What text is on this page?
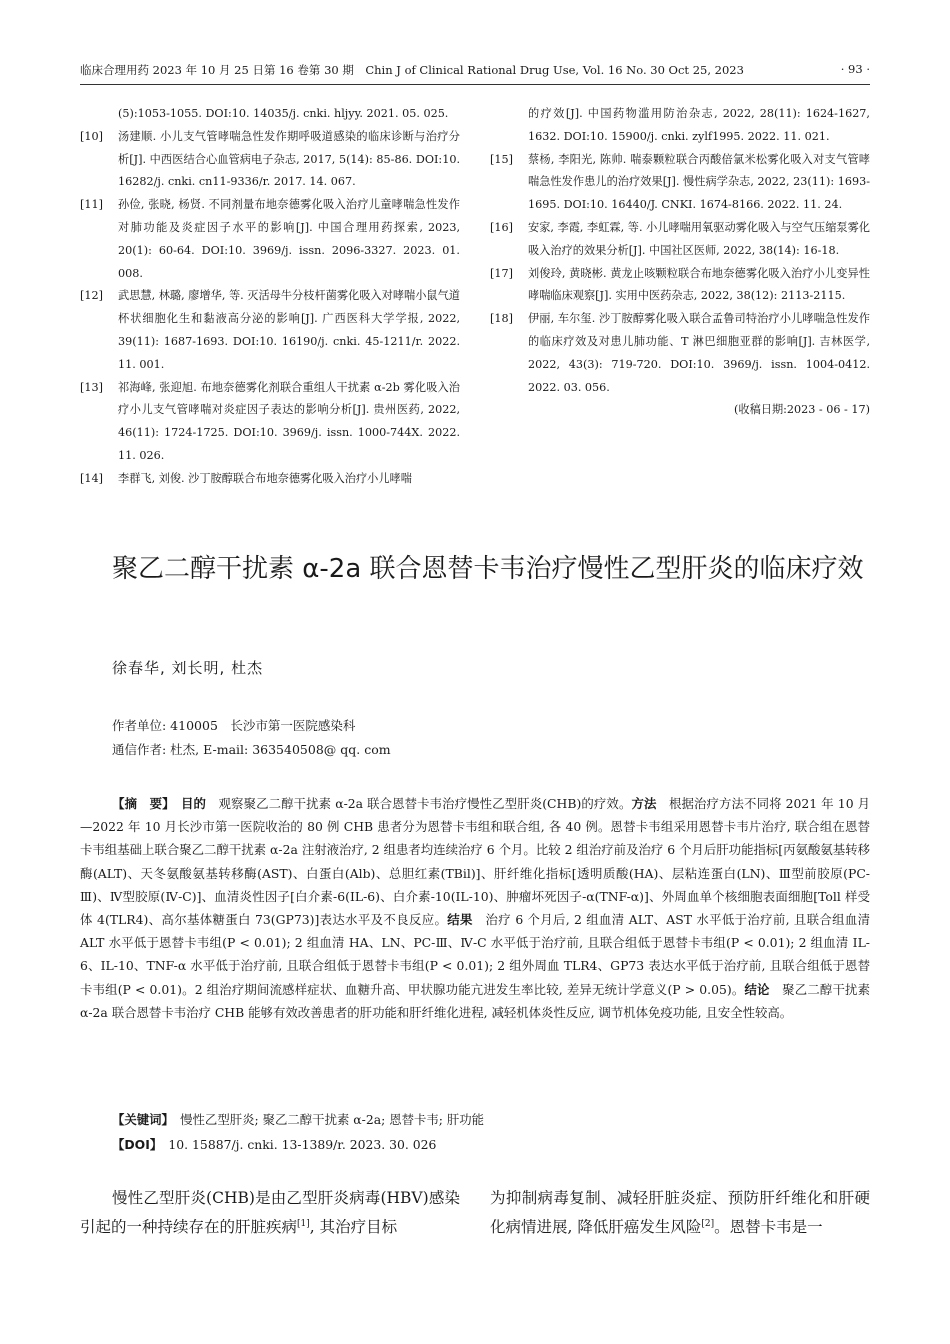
临床合理用药 2023 年 10 月 25 日第 16 卷第 30 期　Chin J of Clinical Rational Drug Use, Vol. 16 No. 30 Oct 25, 2023	· 93 ·
(5):1053-1055. DOI:10. 14035/j. cnki. hljyy. 2021. 05. 025.
[10] 汤建顺. 小儿支气管哮喘急性发作期呼吸道感染的临床诊断与治疗分析[J]. 中西医结合心血管病电子杂志, 2017, 5(14): 85-86. DOI:10. 16282/j. cnki. cn11-9336/r. 2017. 14. 067.
[11] 孙俭, 张晓, 杨贤. 不同剂量布地奈德雾化吸入治疗儿童哮喘急性发作对肺功能及炎症因子水平的影响[J]. 中国合理用药探索, 2023, 20(1): 60-64. DOI:10. 3969/j. issn. 2096-3327. 2023. 01. 008.
[12] 武思慧, 林璐, 廖增华, 等. 灭活母牛分枝杆菌雾化吸入对哮喘小鼠气道杯状细胞化生和黏液高分泌的影响[J]. 广西医科大学学报, 2022, 39(11): 1687-1693. DOI:10. 16190/j. cnki. 45-1211/r. 2022. 11. 001.
[13] 祁海峰, 张迎旭. 布地奈德雾化剂联合重组人干扰素 α-2b 雾化吸入治疗小儿支气管哮喘对炎症因子表达的影响分析[J]. 贵州医药, 2022, 46(11): 1724-1725. DOI:10. 3969/j. issn. 1000-744X. 2022. 11. 026.
[14] 李群飞, 刘俊. 沙丁胺醇联合布地奈德雾化吸入治疗小儿哮喘
的疗效[J]. 中国药物滥用防治杂志, 2022, 28(11): 1624-1627, 1632. DOI:10. 15900/j. cnki. zylf1995. 2022. 11. 021.
[15] 蔡杨, 李阳光, 陈帅. 喘泰颗粒联合丙酸倍氯米松雾化吸入对支气管哮喘急性发作患儿的治疗效果[J]. 慢性病学杂志, 2022, 23(11): 1693-1695. DOI:10. 16440/J. CNKI. 1674-8166. 2022. 11. 24.
[16] 安家, 李霞, 李虹霖, 等. 小儿哮喘用氧驱动雾化吸入与空气压缩泵雾化吸入治疗的效果分析[J]. 中国社区医师, 2022, 38(14): 16-18.
[17] 刘俊玲, 黄晓彬. 黄龙止咳颗粒联合布地奈德雾化吸入治疗小儿变异性哮喘临床观察[J]. 实用中医药杂志, 2022, 38(12): 2113-2115.
[18] 伊丽, 车尔玺. 沙丁胺醇雾化吸入联合孟鲁司特治疗小儿哮喘急性发作的临床疗效及对患儿肺功能、T 淋巴细胞亚群的影响[J]. 吉林医学, 2022, 43(3): 719-720. DOI:10. 3969/j. issn. 1004-0412. 2022. 03. 056.
(收稿日期:2023 - 06 - 17)
聚乙二醇干扰素 α-2a 联合恩替卡韦治疗慢性乙型肝炎的临床疗效
徐春华, 刘长明, 杜杰
作者单位: 410005　长沙市第一医院感染科
通信作者: 杜杰, E-mail: 363540508@ qq. com
【摘　要】　 目的　 观察聚乙二醇干扰素 α-2a 联合恩替卡韦治疗慢性乙型肝炎(CHB)的疗效。方法　 根据治疗方法不同将 2021 年 10 月—2022 年 10 月长沙市第一医院收治的 80 例 CHB 患者分为恩替卡韦组和联合组, 各 40 例。恩替卡韦组采用恩替卡韦片治疗, 联合组在恩替卡韦组基础上联合聚乙二醇干扰素 α-2a 注射液治疗, 2 组患者均连续治疗 6 个月。比较 2 组治疗前及治疗 6 个月后肝功能指标[丙氨酸氨基转移酶(ALT)、天冬氨酸氨基转移酶(AST)、白蛋白(Alb)、总胆红素(TBil)]、肝纤维化指标[透明质酸(HA)、层粘连蛋白(LN)、Ⅲ型前胶原(PC-Ⅲ)、Ⅳ型胶原(Ⅳ-C)]、血清炎性因子[白介素-6(IL-6)、白介素-10(IL-10)、肿瘤坏死因子-α(TNF-α)]、外周血单个核细胞表面细胞[Toll 样受体 4(TLR4)、高尔基体糖蛋白 73(GP73)]表达水平及不良反应。结果　 治疗 6 个月后, 2 组血清 ALT、AST 水平低于治疗前, 且联合组血清 ALT 水平低于恩替卡韦组(P < 0.01); 2 组血清 HA、LN、PC-Ⅲ、Ⅳ-C 水平低于治疗前, 且联合组低于恩替卡韦组(P < 0.01); 2 组血清 IL-6、IL-10、TNF-α 水平低于治疗前, 且联合组低于恩替卡韦组(P < 0.01); 2 组外周血 TLR4、GP73 表达水平低于治疗前, 且联合组低于恩替卡韦组(P < 0.01)。2 组治疗期间流感样症状、血糖升高、甲状腺功能亢进发生率比较, 差异无统计学意义(P > 0.05)。结论　 聚乙二醇干扰素 α-2a 联合恩替卡韦治疗 CHB 能够有效改善患者的肝功能和肝纤维化进程, 减轻机体炎性反应, 调节机体免疫功能, 且安全性较高。
【关键词】　 慢性乙型肝炎; 聚乙二醇干扰素 α-2a; 恩替卡韦; 肝功能
【DOI】　 10. 15887/j. cnki. 13-1389/r. 2023. 30. 026
慢性乙型肝炎(CHB)是由乙型肝炎病毒(HBV)感染引起的一种持续存在的肝脏疾病[1], 其治疗目标
为抑制病毒复制、减轻肝脏炎症、预防肝纤维化和肝硬化病情进展, 降低肝癌发生风险[2]。恩替卡韦是一
